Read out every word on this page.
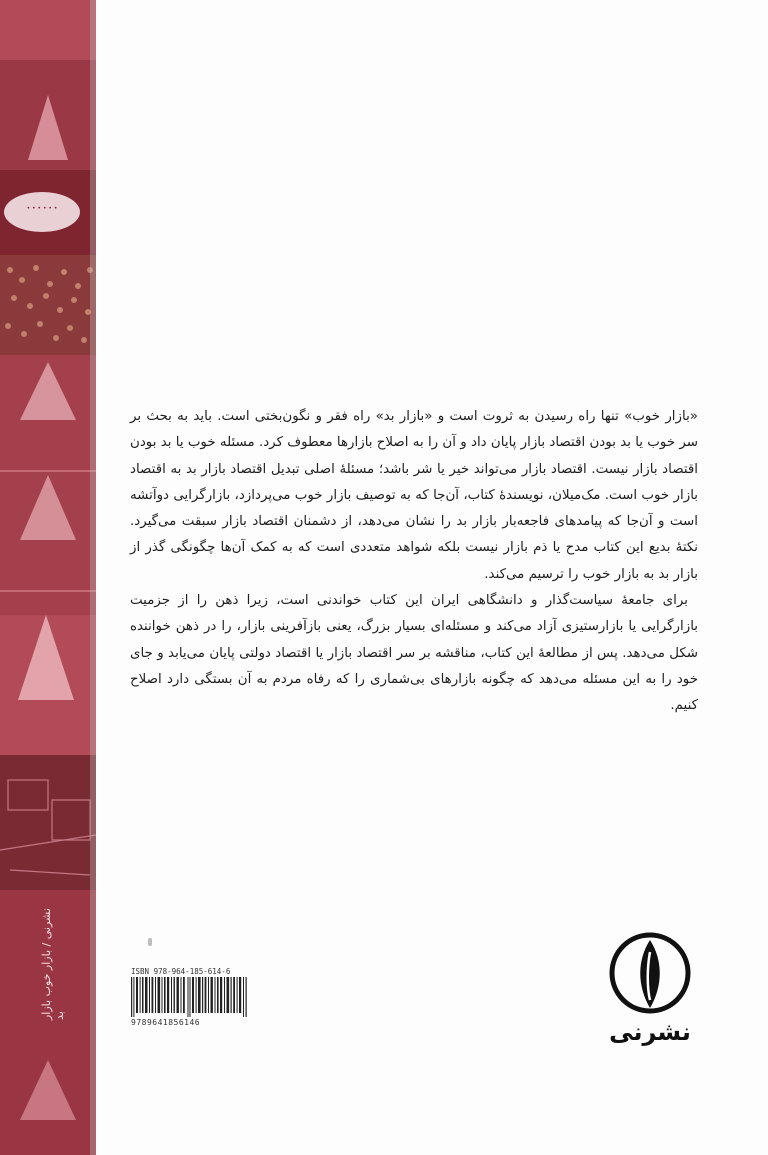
• • • • • •
نشرنی / بازار خوب بازار بد

«بازار خوب» تنها راه رسیدن به ثروت است و «بازار بد» راه فقر و نگون‌بختی است. باید به بحث بر سر خوب یا بد بودن اقتصاد بازار پایان داد و آن را به اصلاح بازارها معطوف کرد. مسئله خوب یا بد بودن اقتصاد بازار نیست. اقتصاد بازار می‌تواند خیر یا شر باشد؛ مسئلهٔ اصلی تبدیل اقتصاد بازار بد به اقتصاد بازار خوب است. مک‌میلان، نویسندهٔ کتاب، آن‌جا که به توصیف بازار خوب می‌پردازد، بازارگرایی دوآتشه است و آن‌جا که پیامدهای فاجعه‌بار بازار بد را نشان می‌دهد، از دشمنان اقتصاد بازار سبقت می‌گیرد. نکتهٔ بدیع این کتاب مدح یا ذم بازار نیست بلکه شواهد متعددی است که به کمک آن‌ها چگونگی گذر از بازار بد به بازار خوب را ترسیم می‌کند.

برای جامعهٔ سیاست‌گذار و دانشگاهی ایران این کتاب خواندنی است، زیرا ذهن را از جزمیت بازارگرایی یا بازارستیزی آزاد می‌کند و مسئله‌ای بسیار بزرگ، یعنی بازآفرینی بازار، را در ذهن خواننده شکل می‌دهد. پس از مطالعهٔ این کتاب، مناقشه بر سر اقتصاد بازار یا اقتصاد دولتی پایان می‌یابد و جای خود را به این مسئله می‌دهد که چگونه بازارهای بی‌شماری را که رفاه مردم به آن بستگی دارد اصلاح کنیم.

ISBN 978-964-185-614-6
9789641856146	نشرنی
